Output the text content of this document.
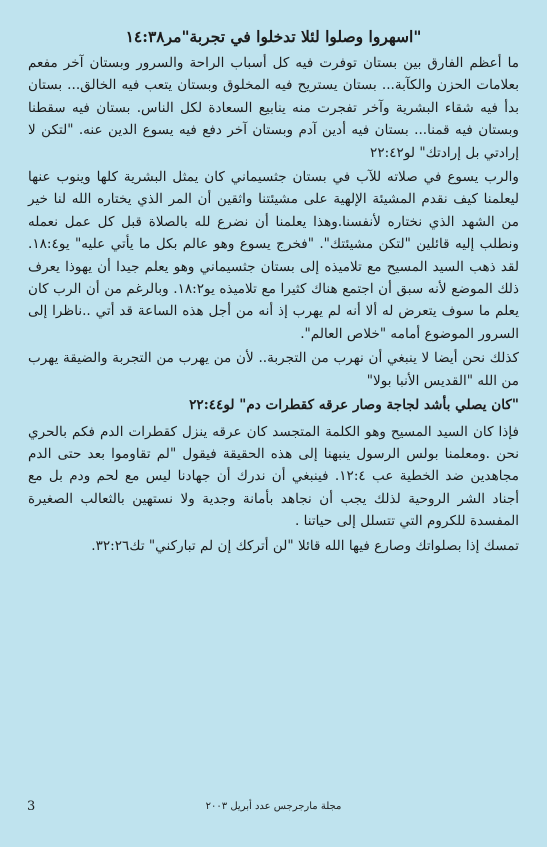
"اسهروا وصلوا لئلا تدخلوا في تجربة"مر١٤:٣٨

ما أعظم الفارق بين بستان توفرت فيه كل أسباب الراحة والسرور وبستان آخر مفعم بعلامات الحزن والكآبة... بستان يستريح فيه المخلوق وبستان يتعب فيه الخالق... بستان بدأ فيه شقاء البشرية وآخر تفجرت منه ينابيع السعادة لكل الناس. بستان فيه سقطنا وبستان فيه قمنا... بستان فيه أدين آدم وبستان آخر دفع فيه يسوع الدين عنه. "لتكن لا إرادتي بل إرادتك" لو٢٢:٤٢

والرب يسوع في صلاته للآب في بستان جثسيماني كان يمثل البشرية كلها وينوب عنها ليعلمنا كيف نقدم المشيئة الإلهية على مشيئتنا واثقين أن المر الذي يختاره الله لنا خير من الشهد الذي نختاره لأنفسنا.وهذا يعلمنا أن نضرع لله بالصلاة قبل كل عمل نعمله ونطلب إليه قائلين "لتكن مشيئتك". "فخرج يسوع وهو عالم بكل ما يأتي عليه" يو١٨:٤. لقد ذهب السيد المسيح مع تلاميذه إلى بستان جثسيماني وهو يعلم جيدا أن يهوذا يعرف ذلك الموضع لأنه سبق أن اجتمع هناك كثيرا مع تلاميذه يو١٨:٢. وبالرغم من أن الرب كان يعلم ما سوف يتعرض له ألا أنه لم يهرب إذ أنه من أجل هذه الساعة قد أتي ..ناظرا إلى السرور الموضوع أمامه "خلاص العالم".

كذلك نحن أيضا لا ينبغي أن نهرب من التجربة.. لأن من يهرب من التجربة والضيقة يهرب من الله "القديس الأنبا بولا"

"كان يصلي بأشد لجاجة وصار عرقه كقطرات دم" لو٢٢:٤٤

فإذا كان السيد المسيح وهو الكلمة المتجسد كان عرقه ينزل كقطرات الدم فكم بالحري نحن .ومعلمنا بولس الرسول ينبهنا إلى هذه الحقيقة فيقول "لم تقاوموا بعد حتى الدم مجاهدين ضد الخطية عب ١٢:٤. فينبغي أن ندرك أن جهادنا ليس مع لحم ودم بل مع أجناد الشر الروحية لذلك يجب أن نجاهد بأمانة وجدية ولا نستهين بالثعالب الصغيرة المفسدة للكروم التي تتسلل إلى حياتنا .

تمسك إذا بصلواتك وصارع فيها الله قائلا "لن أتركك إن لم تباركني" تك٣٢:٢٦.

3	مجلة مارجرجس عدد أبريل ٢٠٠٣
